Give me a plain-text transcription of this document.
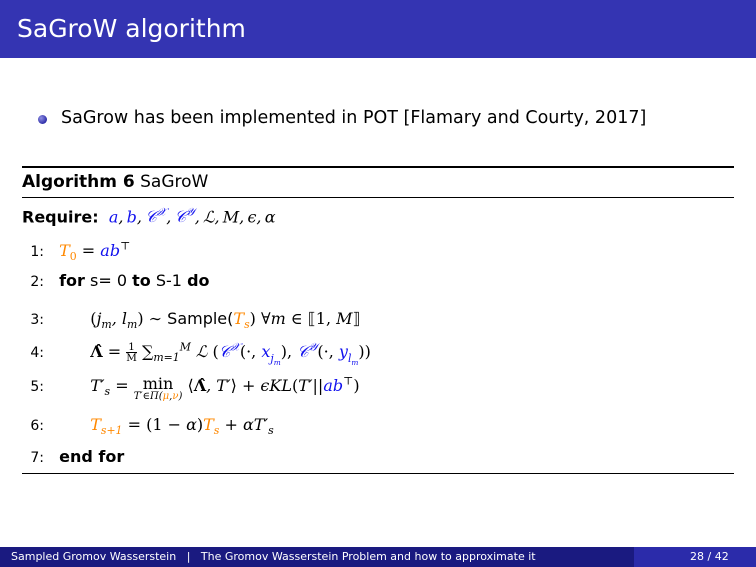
SaGroW algorithm
SaGrow has been implemented in POT [Flamary and Courty, 2017]
Algorithm 6 SaGroW
Require: a, b, 𝒞$^𝒳$, 𝒞$^𝒴$, ℒ, M, ϵ, α
1: $T_0 = ab^⊤$
2: for s= 0 to S-1 do
3:	($j_m$, $l_m$) ∼ $Sample(T_s)$ ∀m ∈ ⟦1, M⟧
4:	Λ̂ = $\frac{1}{M} \sum_{m=1}^M$ ℒ (𝒞$^𝒳$(·, $x_{j_m}$), 𝒞$^𝒴$(·, $y_{l_m}$))
5:	$T'_s = \min$
T′∈Π(μ,ν)
⟨Λ̂, T′⟩ + ϵKL(T′||ab⊤)
6:	$T_{s+1} = (1 - \alpha)T_s + \alpha T'_s$
7: end for
Sampled Gromov Wasserstein   |   The Gromov Wasserstein Problem and how to approximate it	28 / 42
